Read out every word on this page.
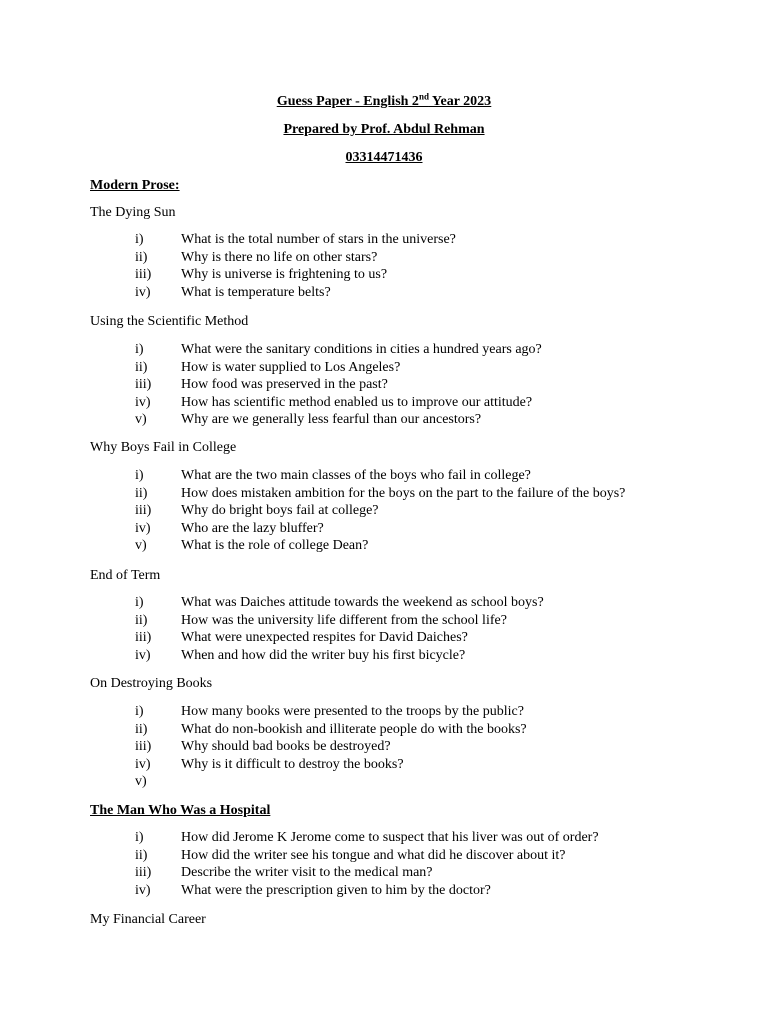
Guess Paper - English 2nd Year 2023
Prepared by Prof. Abdul Rehman
03314471436
Modern Prose:
The Dying Sun
i)	What is the total number of stars in the universe?
ii) Why is there no life on other stars?
iii) Why is universe is frightening to us?
iv) What is temperature belts?
Using the Scientific Method
i)	What were the sanitary conditions in cities a hundred years ago?
ii) How is water supplied to Los Angeles?
iii) How food was preserved in the past?
iv) How has scientific method enabled us to improve our attitude?
v) Why are we generally less fearful than our ancestors?
Why Boys Fail in College
i)	What are the two main classes of the boys who fail in college?
ii) How does mistaken ambition for the boys on the part to the failure of the boys?
iii) Why do bright boys fail at college?
iv) Who are the lazy bluffer?
v) What is the role of college Dean?
End of Term
i)	What was Daiches attitude towards the weekend as school boys?
ii) How was the university life different from the school life?
iii) What were unexpected respites for David Daiches?
iv) When and how did the writer buy his first bicycle?
On Destroying Books
i)	How many books were presented to the troops by the public?
ii) What do non-bookish and illiterate people do with the books?
iii) Why should bad books be destroyed?
iv) Why is it difficult to destroy the books?
v)
The Man Who Was a Hospital
i)	How did Jerome K Jerome come to suspect that his liver was out of order?
ii) How did the writer see his tongue and what did he discover about it?
iii) Describe the writer visit to the medical man?
iv) What were the prescription given to him by the doctor?
My Financial Career
